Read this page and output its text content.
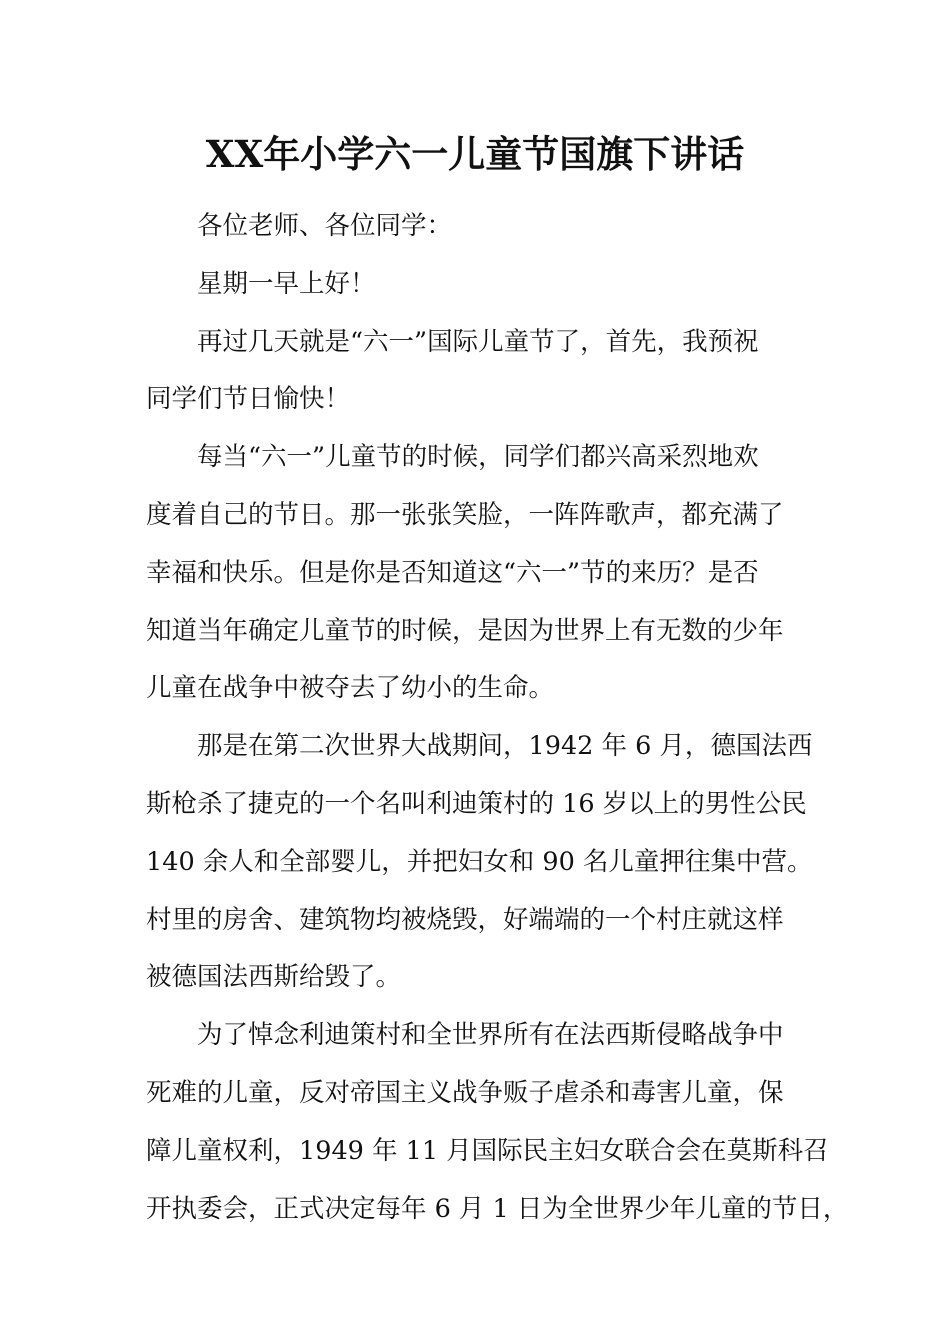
XX年小学六一儿童节国旗下讲话
各位老师、各位同学：
星期一早上好！
再过几天就是“六一”国际儿童节了，首先，我预祝
同学们节日愉快！
每当“六一”儿童节的时候，同学们都兴高采烈地欢
度着自己的节日。那一张张笑脸，一阵阵歌声，都充满了
幸福和快乐。但是你是否知道这“六一”节的来历？是否
知道当年确定儿童节的时候，是因为世界上有无数的少年
儿童在战争中被夺去了幼小的生命。
那是在第二次世界大战期间，1942 年 6 月，德国法西
斯枪杀了捷克的一个名叫利迪策村的 16 岁以上的男性公民
140 余人和全部婴儿，并把妇女和 90 名儿童押往集中营。
村里的房舍、建筑物均被烧毁，好端端的一个村庄就这样
被德国法西斯给毁了。
为了悼念利迪策村和全世界所有在法西斯侵略战争中
死难的儿童，反对帝国主义战争贩子虐杀和毒害儿童，保
障儿童权利，1949 年 11 月国际民主妇女联合会在莫斯科召
开执委会，正式决定每年 6 月 1 日为全世界少年儿童的节日，
